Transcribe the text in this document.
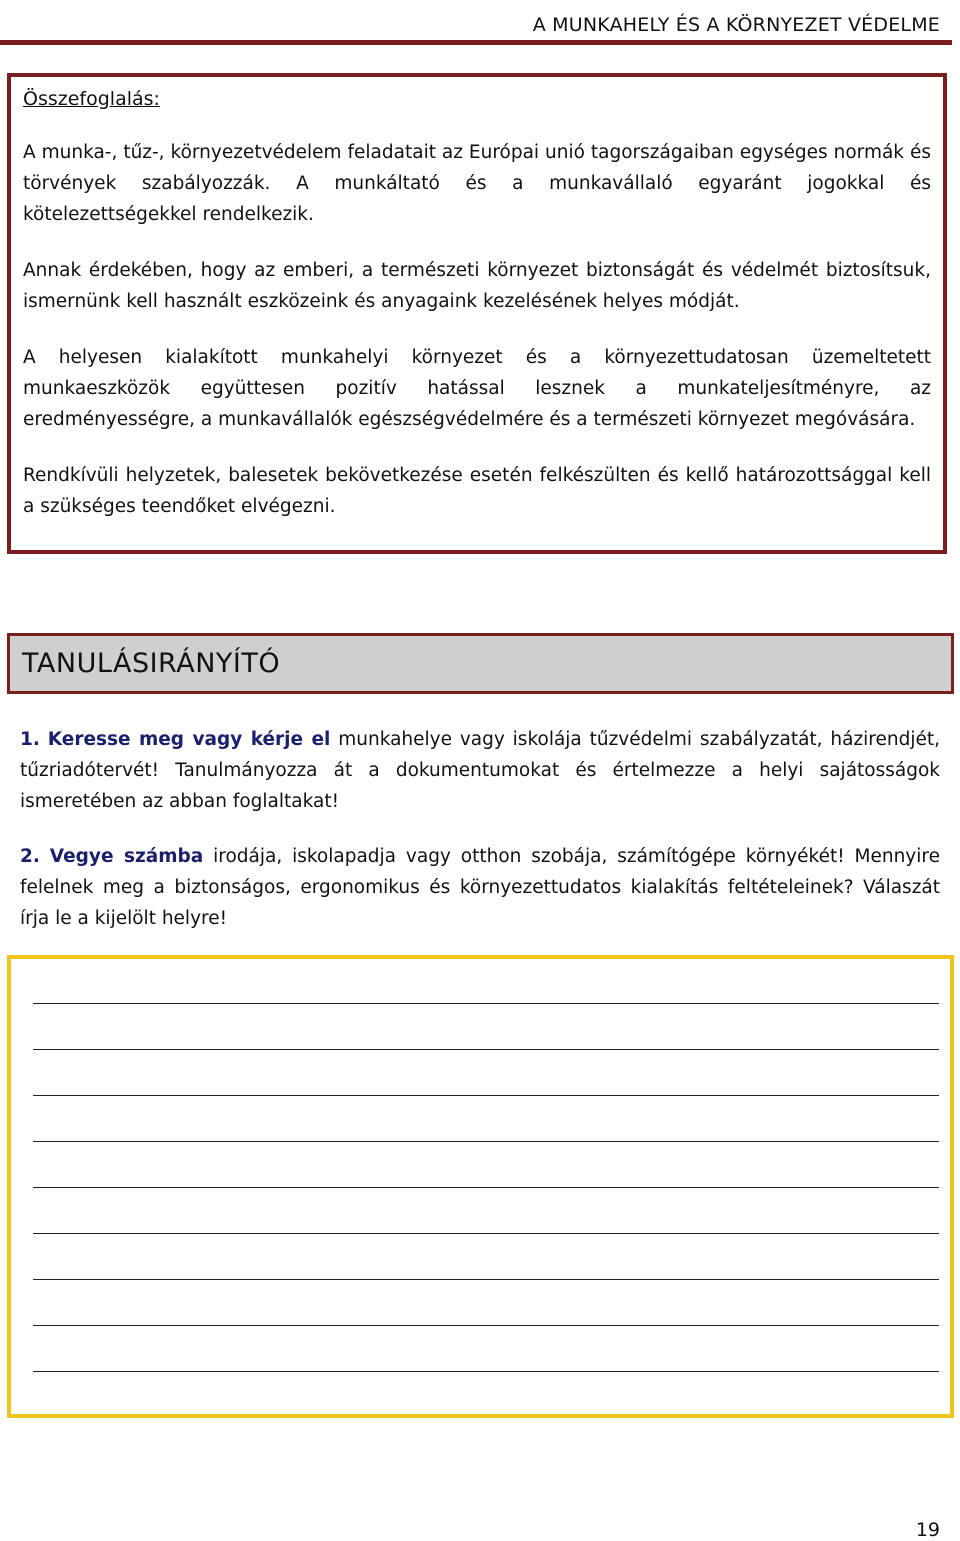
A MUNKAHELY ÉS A KÖRNYEZET VÉDELME
Összefoglalás:

A munka-, tűz-, környezetvédelem feladatait az Európai unió tagországaiban egységes normák és törvények szabályozzák. A munkáltató és a munkavállaló egyaránt jogokkal és kötelezettségekkel rendelkezik.

Annak érdekében, hogy az emberi, a természeti környezet biztonságát és védelmét biztosítsuk, ismernünk kell használt eszközeink és anyagaink kezelésének helyes módját.

A helyesen kialakított munkahelyi környezet és a környezettudatosan üzemeltetett munkaeszközök együttesen pozitív hatással lesznek a munkateljesítményre, az eredményességre, a munkavállalók egészségvédelmére és a természeti környezet megóvására.

Rendkívüli helyzetek, balesetek bekövetkezése esetén felkészülten és kellő határozottsággal kell a szükséges teendőket elvégezni.

TANULÁSIRÁNYÍTÓ
1. Keresse meg vagy kérje el munkahelye vagy iskolája tűzvédelmi szabályzatát, házirendjét, tűzriadótervét! Tanulmányozza át a dokumentumokat és értelmezze a helyi sajátosságok ismeretében az abban foglaltakat!
2. Vegye számba irodája, iskolapadja vagy otthon szobája, számítógépe környékét! Mennyire felelnek meg a biztonságos, ergonomikus és környezettudatos kialakítás feltételeinek? Válaszát írja le a kijelölt helyre!
19
